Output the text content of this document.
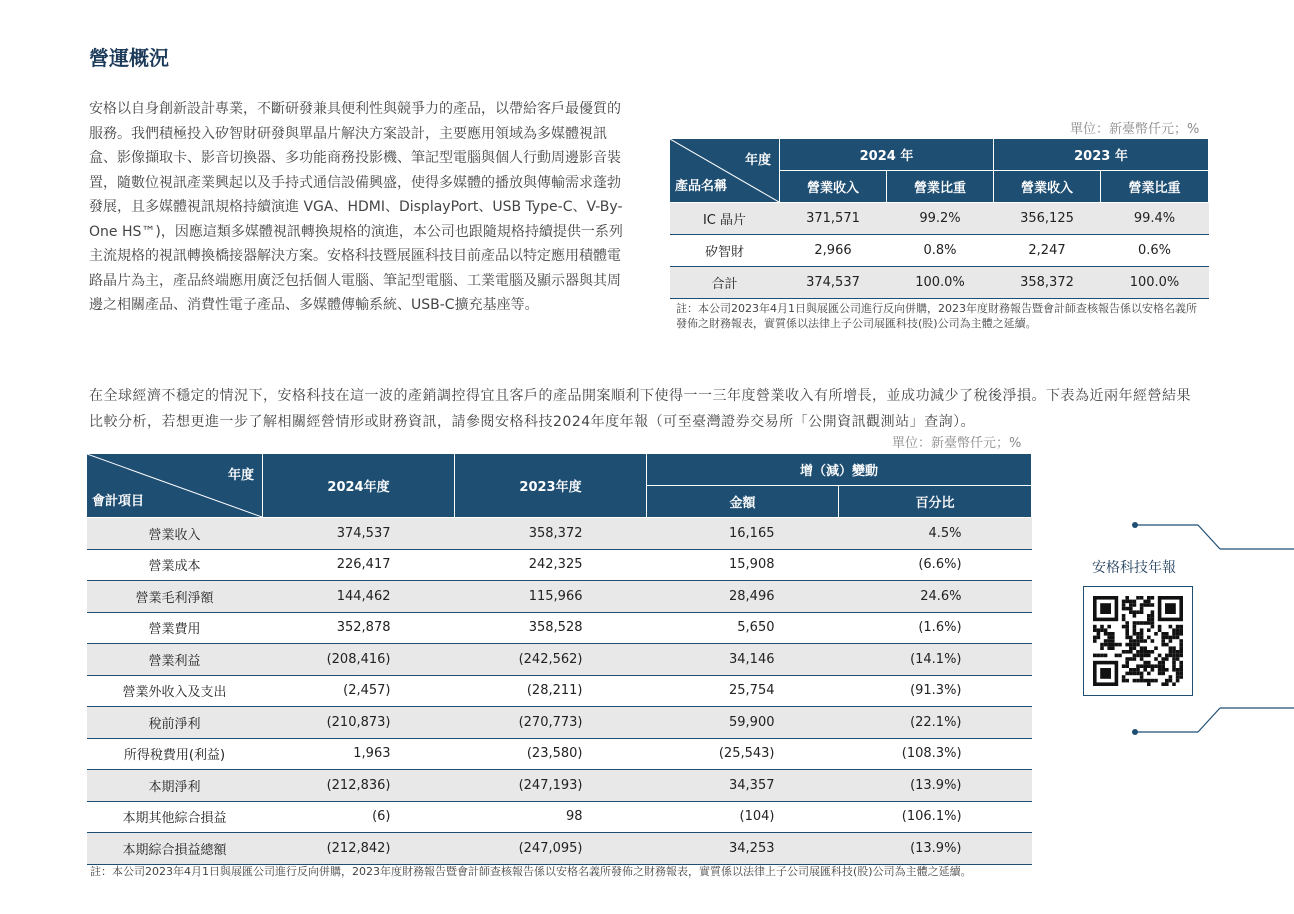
營運概況
安格以自身創新設計專業，不斷研發兼具便利性與競爭力的產品，以帶給客戶最優質的服務。我們積極投入矽智財研發與單晶片解決方案設計，主要應用領域為多媒體視訊盒、影像擷取卡、影音切換器、多功能商務投影機、筆記型電腦與個人行動周邊影音裝置，隨數位視訊產業興起以及手持式通信設備興盛，使得多媒體的播放與傳輸需求蓬勃發展，且多媒體視訊規格持續演進 VGA、HDMI、DisplayPort、USB Type-C、V-By-One HS™)，因應這類多媒體視訊轉換規格的演進，本公司也跟隨規格持續提供一系列主流規格的視訊轉換橋接器解決方案。安格科技暨展匯科技目前產品以特定應用積體電路晶片為主，產品終端應用廣泛包括個人電腦、筆記型電腦、工業電腦及顯示器與其周邊之相關產品、消費性電子產品、多媒體傳輸系統、USB-C擴充基座等。
單位：新臺幣仟元；%
年度
產品名稱	2024 年		2023 年	
	營業收入	營業比重	營業收入	營業比重
IC 晶片	371,571	99.2%	356,125	99.4%
矽智財	2,966	0.8%	2,247	0.6%
合計	374,537	100.0%	358,372	100.0%
註：本公司2023年4月1日與展匯公司進行反向併購，2023年度財務報告暨會計師查核報告係以安格名義所發佈之財務報表，實質係以法律上子公司展匯科技(股)公司為主體之延續。
在全球經濟不穩定的情況下，安格科技在這一波的產銷調控得宜且客戶的產品開案順利下使得一一三年度營業收入有所增長，並成功減少了稅後淨損。下表為近兩年經營結果比較分析，若想更進一步了解相關經營情形或財務資訊，請參閱安格科技2024年度年報（可至臺灣證券交易所「公開資訊觀測站」查詢）。
單位：新臺幣仟元；%
年度
會計項目	2024年度	2023年度	增（減）變動	
			金額	百分比
營業收入	374,537	358,372	16,165	4.5%
營業成本	226,417	242,325	15,908	(6.6%)
營業毛利淨額	144,462	115,966	28,496	24.6%
營業費用	352,878	358,528	5,650	(1.6%)
營業利益	(208,416)	(242,562)	34,146	(14.1%)
營業外收入及支出	(2,457)	(28,211)	25,754	(91.3%)
稅前淨利	(210,873)	(270,773)	59,900	(22.1%)
所得稅費用(利益)	1,963	(23,580)	(25,543)	(108.3%)
本期淨利	(212,836)	(247,193)	34,357	(13.9%)
本期其他綜合損益	(6)	98	(104)	(106.1%)
本期綜合損益總額	(212,842)	(247,095)	34,253	(13.9%)
註：本公司2023年4月1日與展匯公司進行反向併購，2023年度財務報告暨會計師查核報告係以安格名義所發佈之財務報表，實質係以法律上子公司展匯科技(股)公司為主體之延續。
安格科技年報
